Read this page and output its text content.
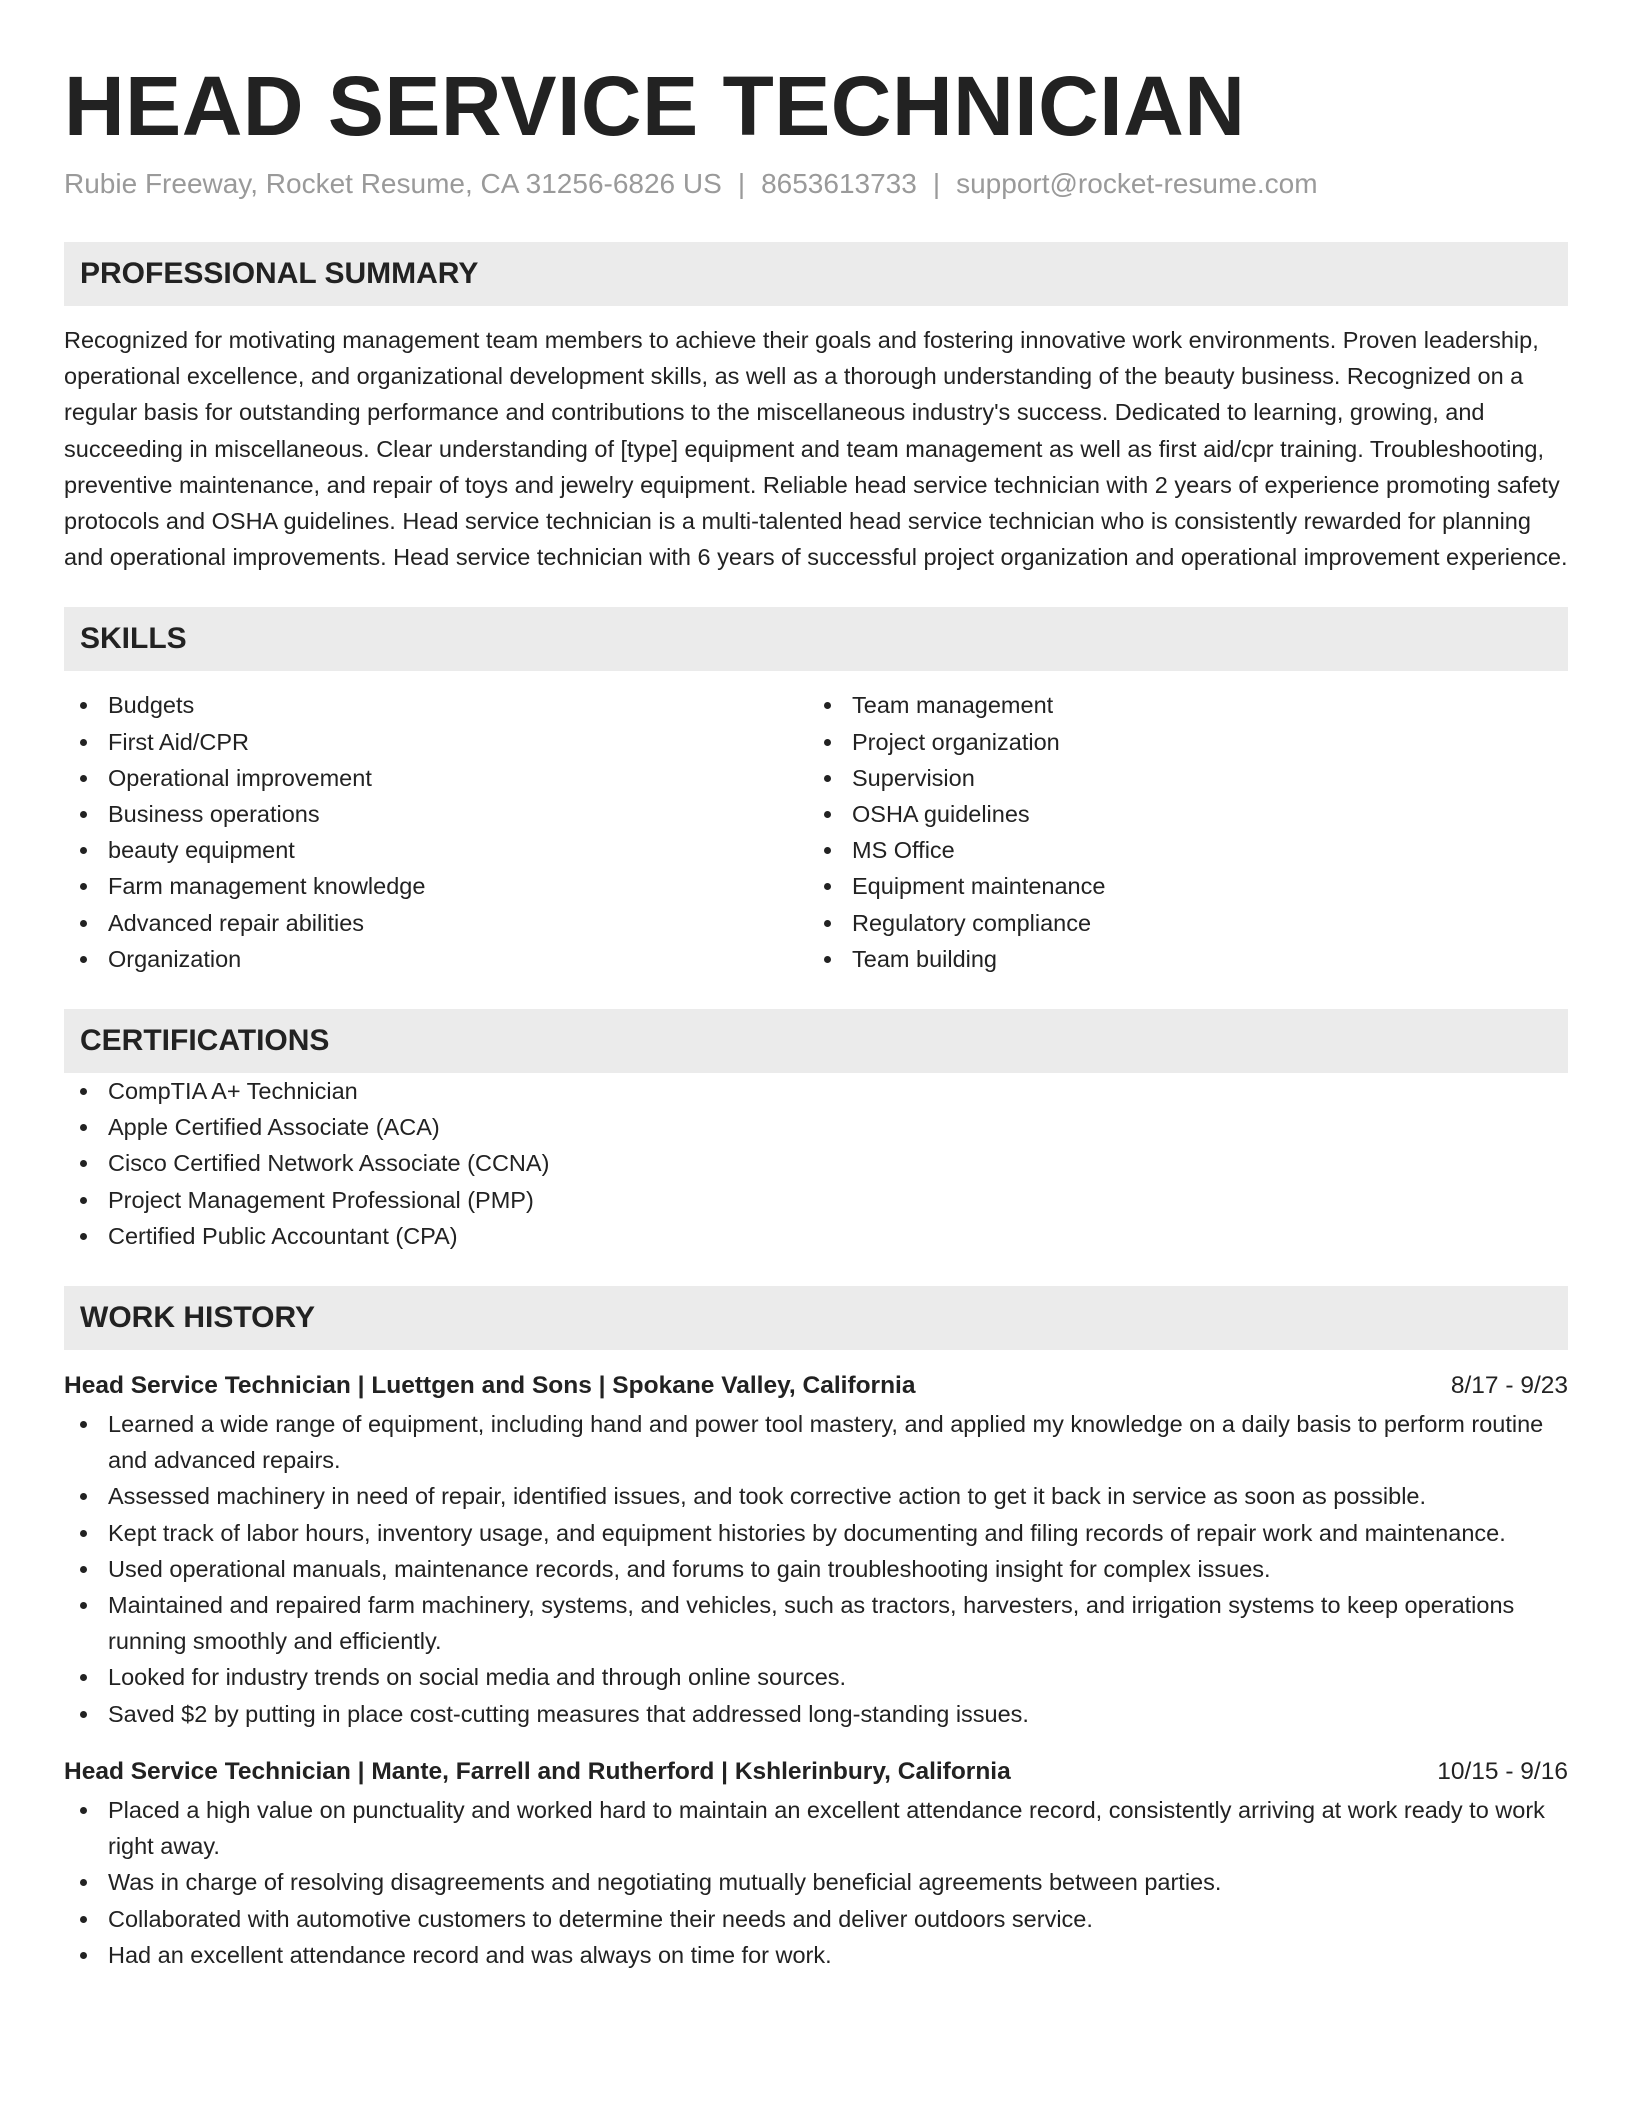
HEAD SERVICE TECHNICIAN
Rubie Freeway, Rocket Resume, CA 31256-6826 US | 8653613733 | support@rocket-resume.com
PROFESSIONAL SUMMARY

Recognized for motivating management team members to achieve their goals and fostering innovative work environments. Proven leadership, operational excellence, and organizational development skills, as well as a thorough understanding of the beauty business. Recognized on a regular basis for outstanding performance and contributions to the miscellaneous industry's success. Dedicated to learning, growing, and succeeding in miscellaneous. Clear understanding of [type] equipment and team management as well as first aid/cpr training. Troubleshooting, preventive maintenance, and repair of toys and jewelry equipment. Reliable head service technician with 2 years of experience promoting safety protocols and OSHA guidelines. Head service technician is a multi-talented head service technician who is consistently rewarded for planning and operational improvements. Head service technician with 6 years of successful project organization and operational improvement experience.

SKILLS
Budgets
First Aid/CPR
Operational improvement
Business operations
beauty equipment
Farm management knowledge
Advanced repair abilities
Organization
Team management
Project organization
Supervision
OSHA guidelines
MS Office
Equipment maintenance
Regulatory compliance
Team building
CERTIFICATIONS
CompTIA A+ Technician
Apple Certified Associate (ACA)
Cisco Certified Network Associate (CCNA)
Project Management Professional (PMP)
Certified Public Accountant (CPA)
WORK HISTORY
Head Service Technician | Luettgen and Sons | Spokane Valley, California	8/17 - 9/23
Learned a wide range of equipment, including hand and power tool mastery, and applied my knowledge on a daily basis to perform routine and advanced repairs.
Assessed machinery in need of repair, identified issues, and took corrective action to get it back in service as soon as possible.
Kept track of labor hours, inventory usage, and equipment histories by documenting and filing records of repair work and maintenance.
Used operational manuals, maintenance records, and forums to gain troubleshooting insight for complex issues.
Maintained and repaired farm machinery, systems, and vehicles, such as tractors, harvesters, and irrigation systems to keep operations running smoothly and efficiently.
Looked for industry trends on social media and through online sources.
Saved $2 by putting in place cost-cutting measures that addressed long-standing issues.
Head Service Technician | Mante, Farrell and Rutherford | Kshlerinbury, California	10/15 - 9/16
Placed a high value on punctuality and worked hard to maintain an excellent attendance record, consistently arriving at work ready to work right away.
Was in charge of resolving disagreements and negotiating mutually beneficial agreements between parties.
Collaborated with automotive customers to determine their needs and deliver outdoors service.
Had an excellent attendance record and was always on time for work.
